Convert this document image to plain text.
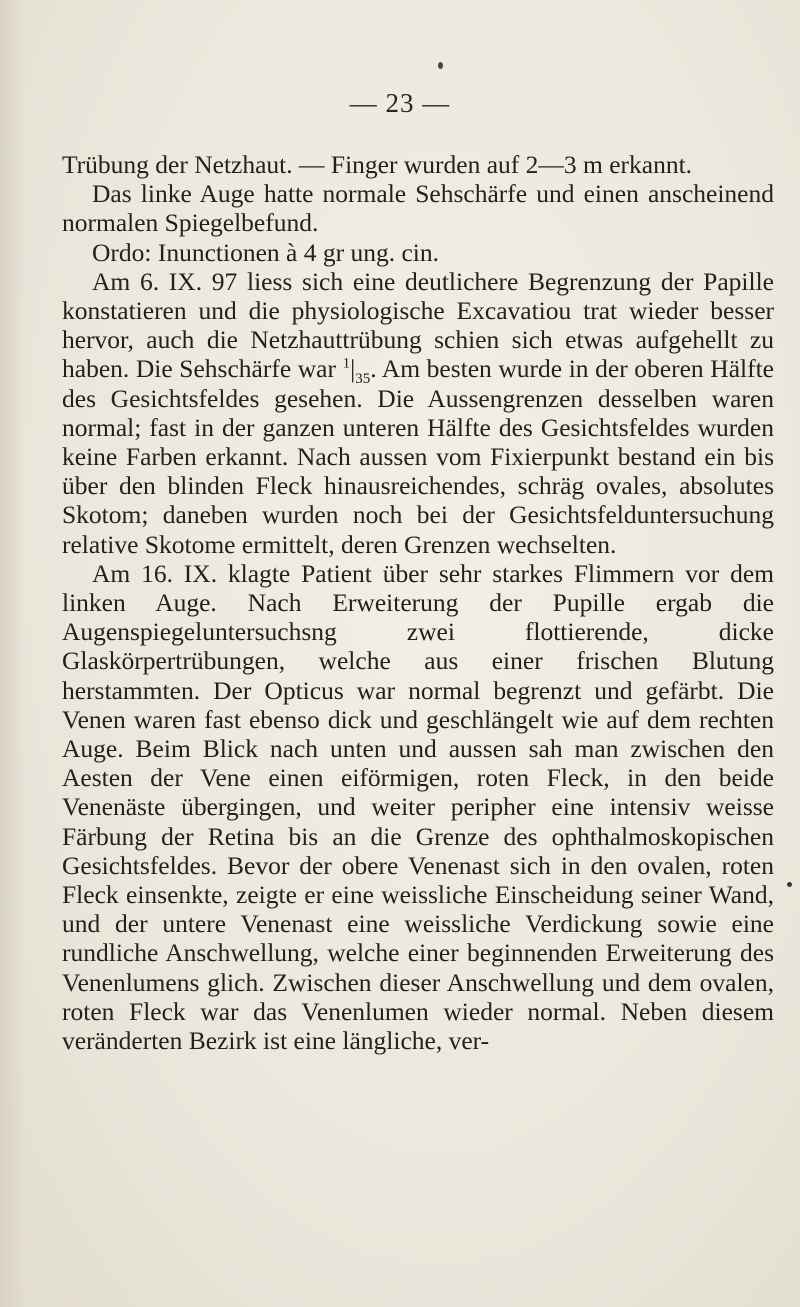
— 23 —

Trübung der Netzhaut. — Finger wurden auf 2—3 m erkannt.

Das linke Auge hatte normale Sehschärfe und einen anscheinend normalen Spiegelbefund.

Ordo: Inunctionen à 4 gr ung. cin.

Am 6. IX. 97 liess sich eine deutlichere Begrenzung der Papille konstatieren und die physiologische Excavatiou trat wieder besser hervor, auch die Netzhauttrübung schien sich etwas aufgehellt zu haben. Die Sehschärfe war $^1|_{35}$. Am besten wurde in der oberen Hälfte des Gesichtsfeldes gesehen. Die Aussengrenzen desselben waren normal; fast in der ganzen unteren Hälfte des Gesichtsfeldes wurden keine Farben erkannt. Nach aussen vom Fixierpunkt bestand ein bis über den blinden Fleck hinausreichendes, schräg ovales, absolutes Skotom; daneben wurden noch bei der Gesichtsfelduntersuchung relative Skotome ermittelt, deren Grenzen wechselten.

Am 16. IX. klagte Patient über sehr starkes Flimmern vor dem linken Auge. Nach Erweiterung der Pupille ergab die Augenspiegeluntersuchsng zwei flottierende, dicke Glaskörpertrübungen, welche aus einer frischen Blutung herstammten. Der Opticus war normal begrenzt und gefärbt. Die Venen waren fast ebenso dick und geschlängelt wie auf dem rechten Auge. Beim Blick nach unten und aussen sah man zwischen den Aesten der Vene einen eiförmigen, roten Fleck, in den beide Venenäste übergingen, und weiter peripher eine intensiv weisse Färbung der Retina bis an die Grenze des ophthalmoskopischen Gesichtsfeldes. Bevor der obere Venenast sich in den ovalen, roten Fleck einsenkte, zeigte er eine weissliche Einscheidung seiner Wand, und der untere Venenast eine weissliche Verdickung sowie eine rundliche Anschwellung, welche einer beginnenden Erweiterung des Venenlumens glich. Zwischen dieser Anschwellung und dem ovalen, roten Fleck war das Venenlumen wieder normal. Neben diesem veränderten Bezirk ist eine längliche, ver-
